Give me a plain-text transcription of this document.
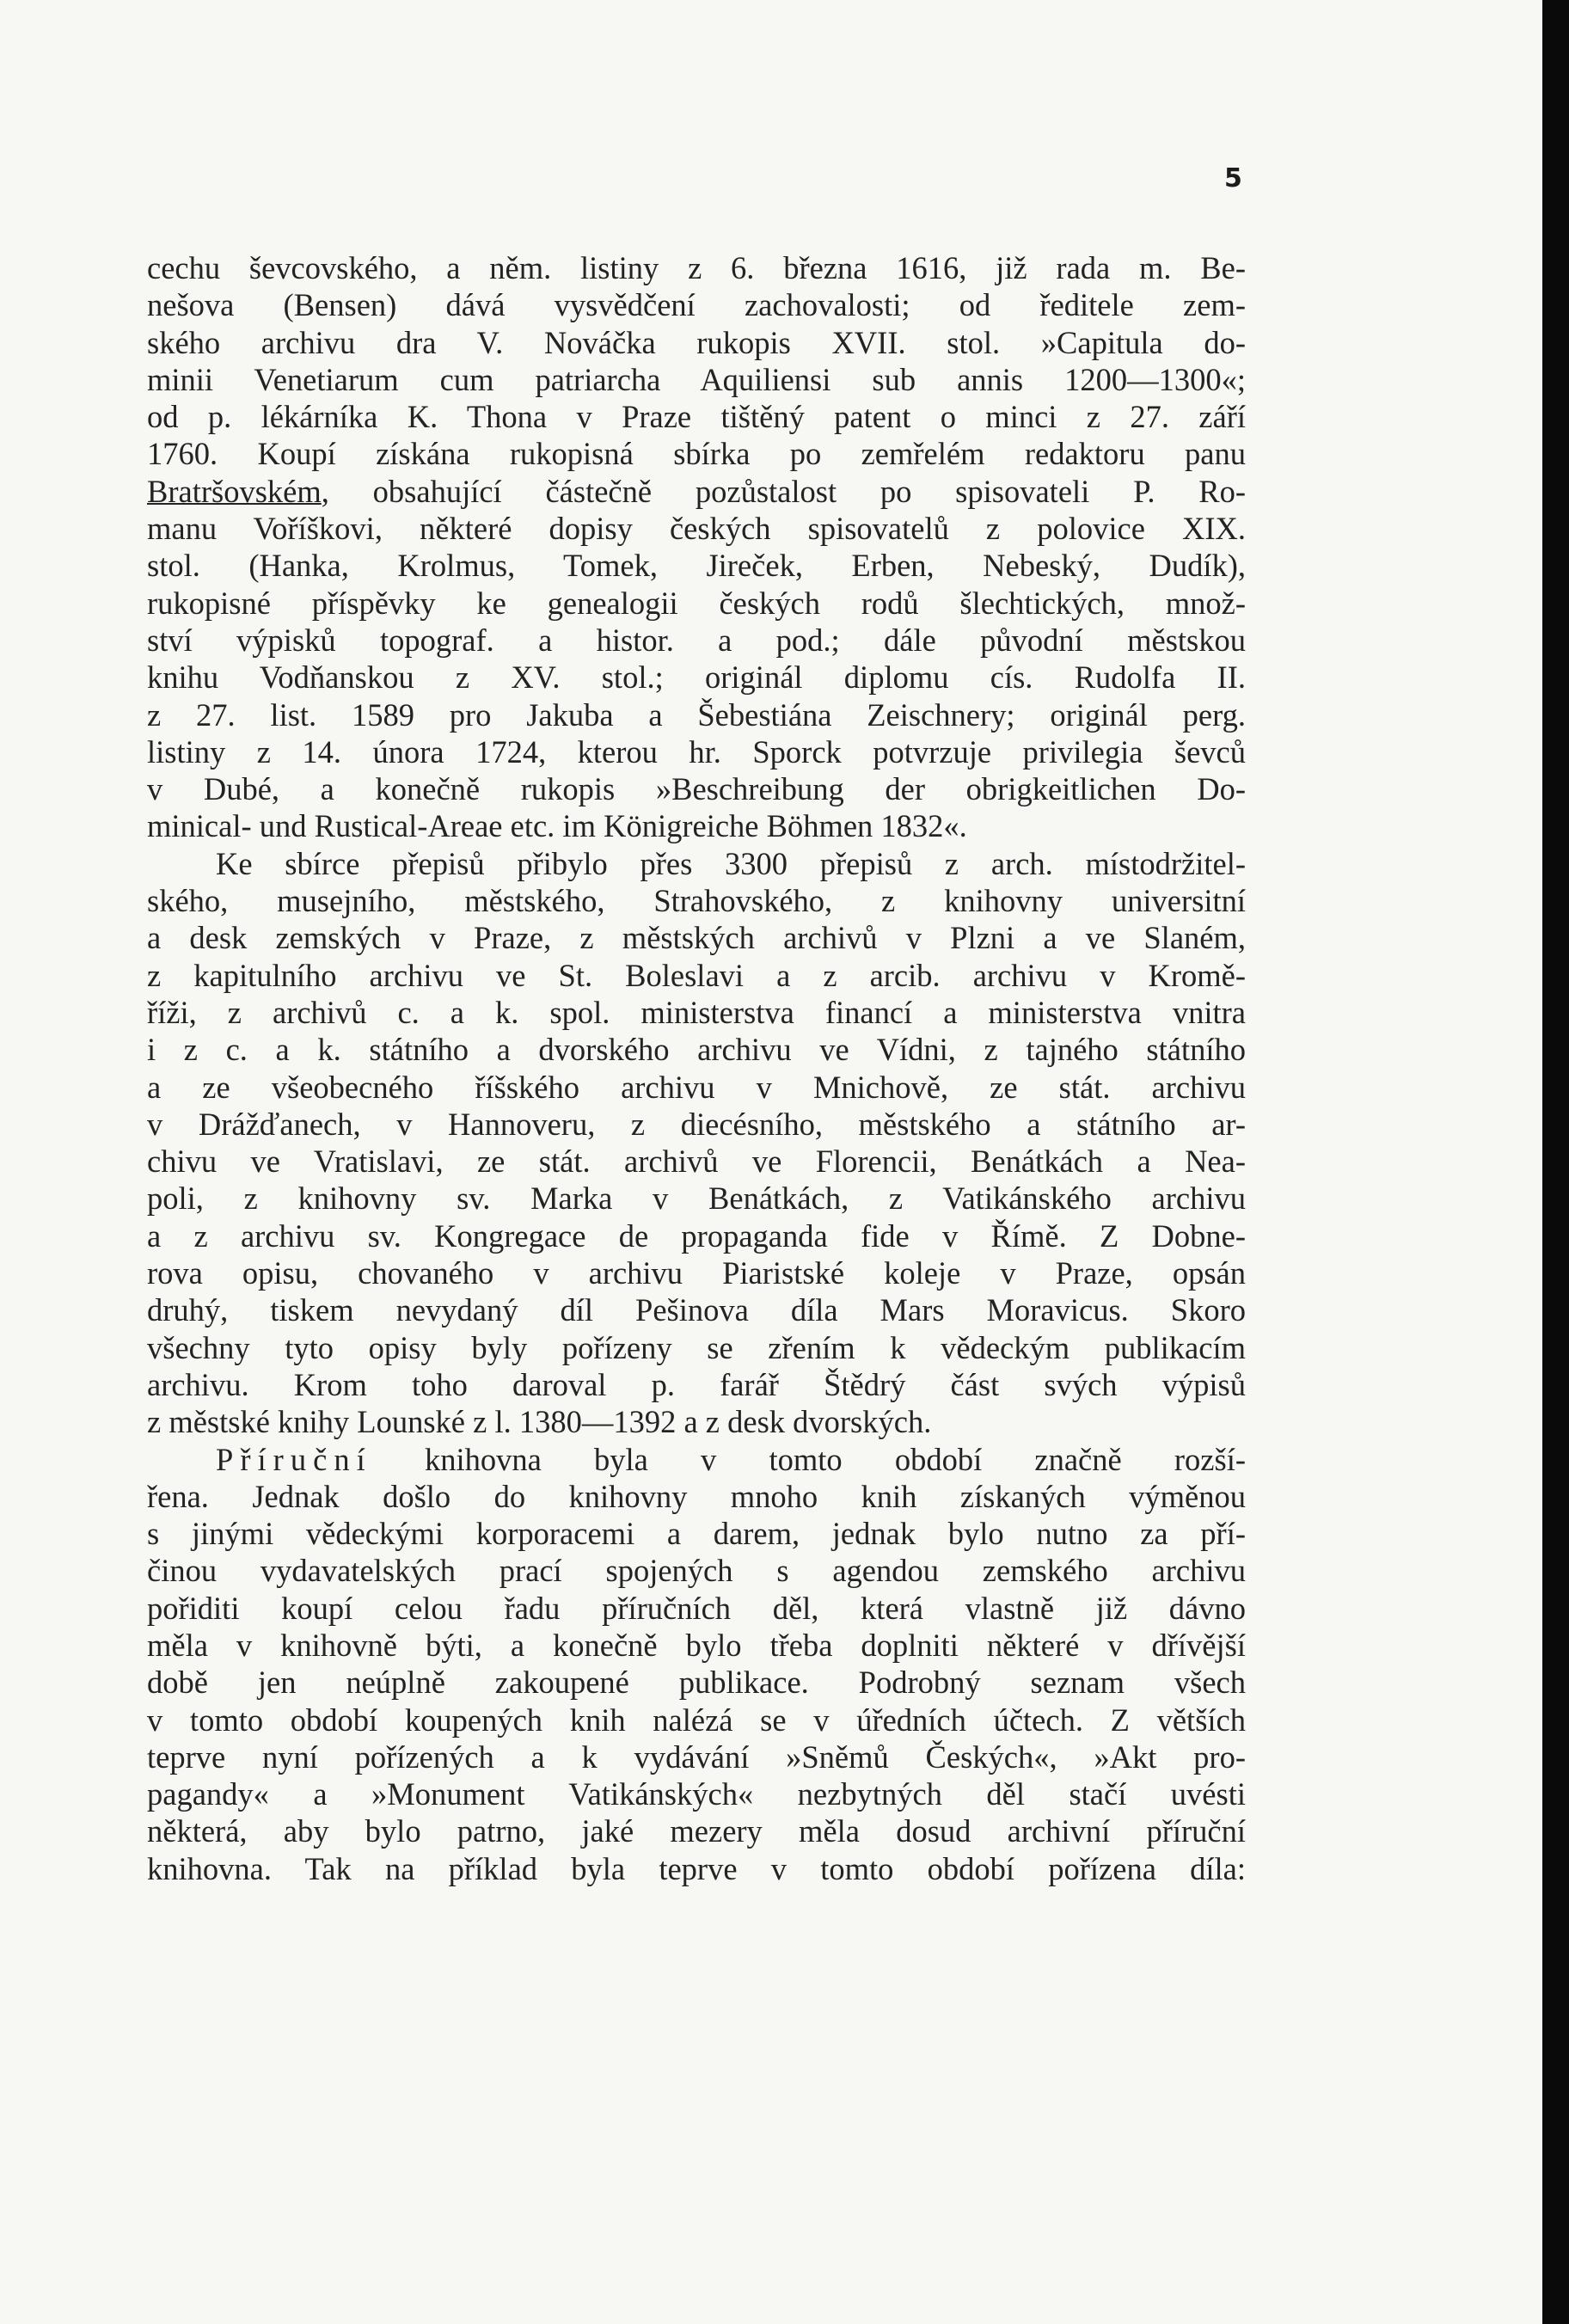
5
cechu ševcovského, a něm. listiny z 6. března 1616, již rada m. Be-
nešova (Bensen) dává vysvědčení zachovalosti; od ředitele zem-
ského archivu dra V. Nováčka rukopis XVII. stol. »Capitula do-
minii Venetiarum cum patriarcha Aquiliensi sub annis 1200—1300«;
od p. lékárníka K. Thona v Praze tištěný patent o minci z 27. září
1760. Koupí získána rukopisná sbírka po zemřelém redaktoru panu
Bratršovském, obsahující částečně pozůstalost po spisovateli P. Ro-
manu Voříškovi, některé dopisy českých spisovatelů z polovice XIX.
stol. (Hanka, Krolmus, Tomek, Jireček, Erben, Nebeský, Dudík),
rukopisné příspěvky ke genealogii českých rodů šlechtických, množ-
ství výpisků topograf. a histor. a pod.; dále původní městskou
knihu Vodňanskou z XV. stol.; originál diplomu cís. Rudolfa II.
z 27. list. 1589 pro Jakuba a Šebestiána Zeischnery; originál perg.
listiny z 14. února 1724, kterou hr. Sporck potvrzuje privilegia ševců
v Dubé, a konečně rukopis »Beschreibung der obrigkeitlichen Do-
minical- und Rustical-Areae etc. im Königreiche Böhmen 1832«.
Ke sbírce přepisů přibylo přes 3300 přepisů z arch. místodržitel-
ského, musejního, městského, Strahovského, z knihovny universitní
a desk zemských v Praze, z městských archivů v Plzni a ve Slaném,
z kapitulního archivu ve St. Boleslavi a z arcib. archivu v Kromě-
říži, z archivů c. a k. spol. ministerstva financí a ministerstva vnitra
i z c. a k. státního a dvorského archivu ve Vídni, z tajného státního
a ze všeobecného říšského archivu v Mnichově, ze stát. archivu
v Drážďanech, v Hannoveru, z diecésního, městského a státního ar-
chivu ve Vratislavi, ze stát. archivů ve Florencii, Benátkách a Nea-
poli, z knihovny sv. Marka v Benátkách, z Vatikánského archivu
a z archivu sv. Kongregace de propaganda fide v Římě. Z Dobne-
rova opisu, chovaného v archivu Piaristské koleje v Praze, opsán
druhý, tiskem nevydaný díl Pešinova díla Mars Moravicus. Skoro
všechny tyto opisy byly pořízeny se zřením k vědeckým publikacím
archivu. Krom toho daroval p. farář Štědrý část svých výpisů
z městské knihy Lounské z l. 1380—1392 a z desk dvorských.
Příruční knihovna byla v tomto období značně rozší-
řena. Jednak došlo do knihovny mnoho knih získaných výměnou
s jinými vědeckými korporacemi a darem, jednak bylo nutno za pří-
činou vydavatelských prací spojených s agendou zemského archivu
pořiditi koupí celou řadu příručních děl, která vlastně již dávno
měla v knihovně býti, a konečně bylo třeba doplniti některé v dřívější
době jen neúplně zakoupené publikace. Podrobný seznam všech
v tomto období koupených knih nalézá se v úředních účtech. Z větších
teprve nyní pořízených a k vydávání »Sněmů Českých«, »Akt pro-
pagandy« a »Monument Vatikánských« nezbytných děl stačí uvésti
některá, aby bylo patrno, jaké mezery měla dosud archivní příruční
knihovna. Tak na příklad byla teprve v tomto období pořízena díla:
